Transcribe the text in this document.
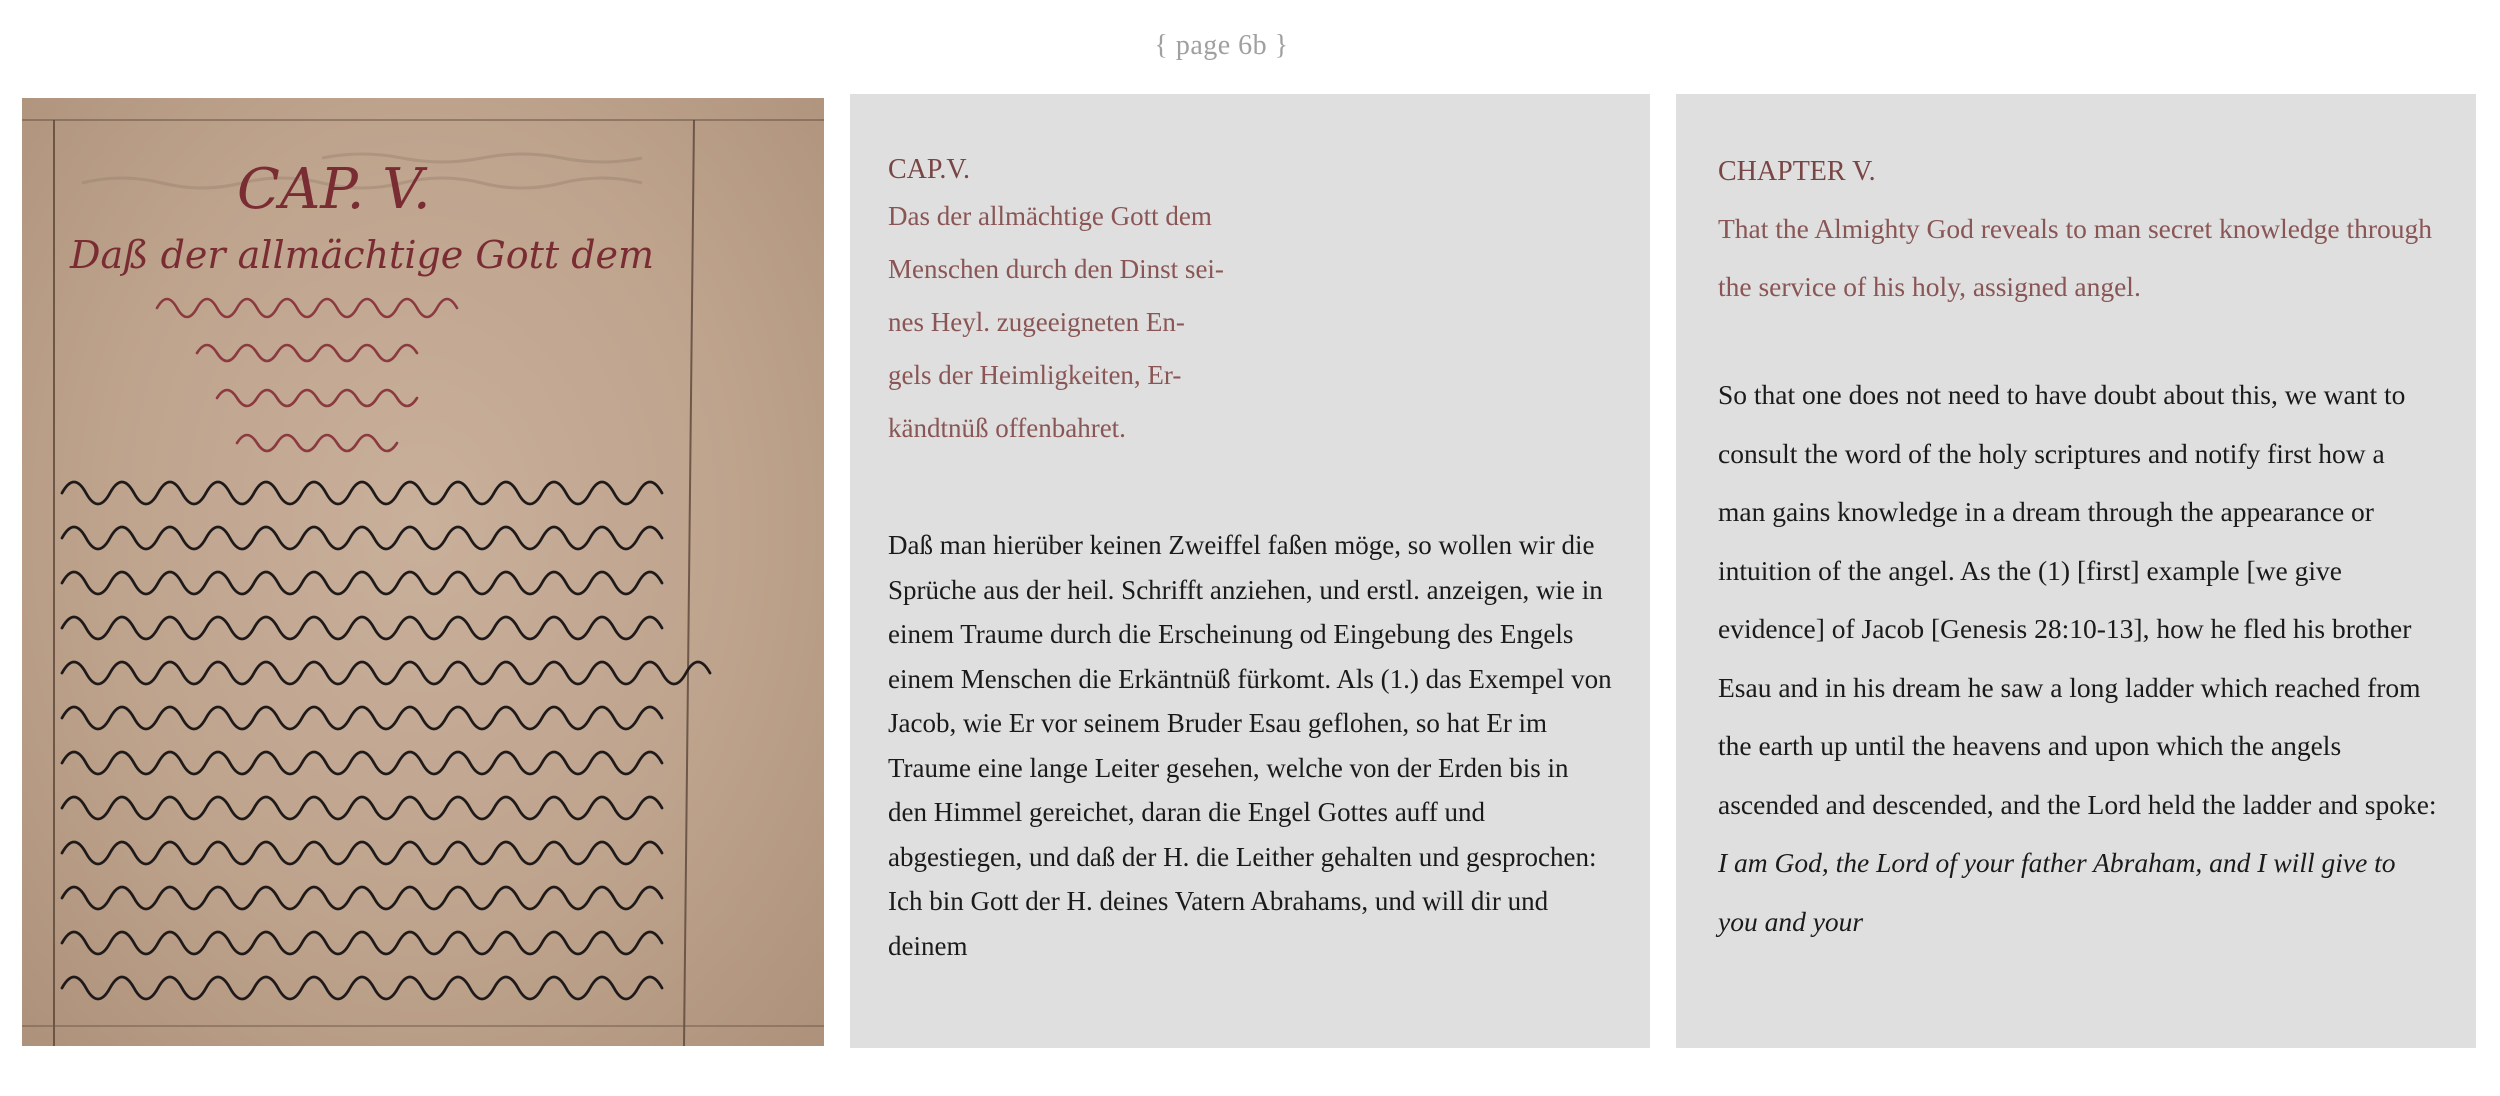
{ page 6b }
CAP. V.
Daß der allmächtige Gott dem
CAP.V.
Das der allmächtige Gott dem
Menschen durch den Dinst sei-
nes Heyl. zugeeigneten En-
gels der Heimligkeiten, Er-
kändtnüß offenbahret.

Daß man hierüber keinen Zweiffel faßen möge, so wollen wir die Sprüche aus der heil. Schrifft anziehen, und erstl. anzeigen, wie in einem Traume durch die Erscheinung od Eingebung des Engels einem Menschen die Erkäntnüß fürkomt. Als (1.) das Exempel von Jacob, wie Er vor seinem Bruder Esau geflohen, so hat Er im Traume eine lange Leiter gesehen, welche von der Erden bis in den Himmel gereichet, daran die Engel Gottes auff und abgestiegen, und daß der H. die Leither gehalten und gesprochen: Ich bin Gott der H. deines Vatern Abrahams, und will dir und deinem

CHAPTER V.

That the Almighty God reveals to man secret knowledge through the service of his holy, assigned angel.

So that one does not need to have doubt about this, we want to consult the word of the holy scriptures and notify first how a man gains knowledge in a dream through the appearance or intuition of the angel. As the (1) [first] example [we give evidence] of Jacob [Genesis 28:10-13], how he fled his brother Esau and in his dream he saw a long ladder which reached from the earth up until the heavens and upon which the angels ascended and descended, and the Lord held the ladder and spoke: I am God, the Lord of your father Abraham, and I will give to you and your
